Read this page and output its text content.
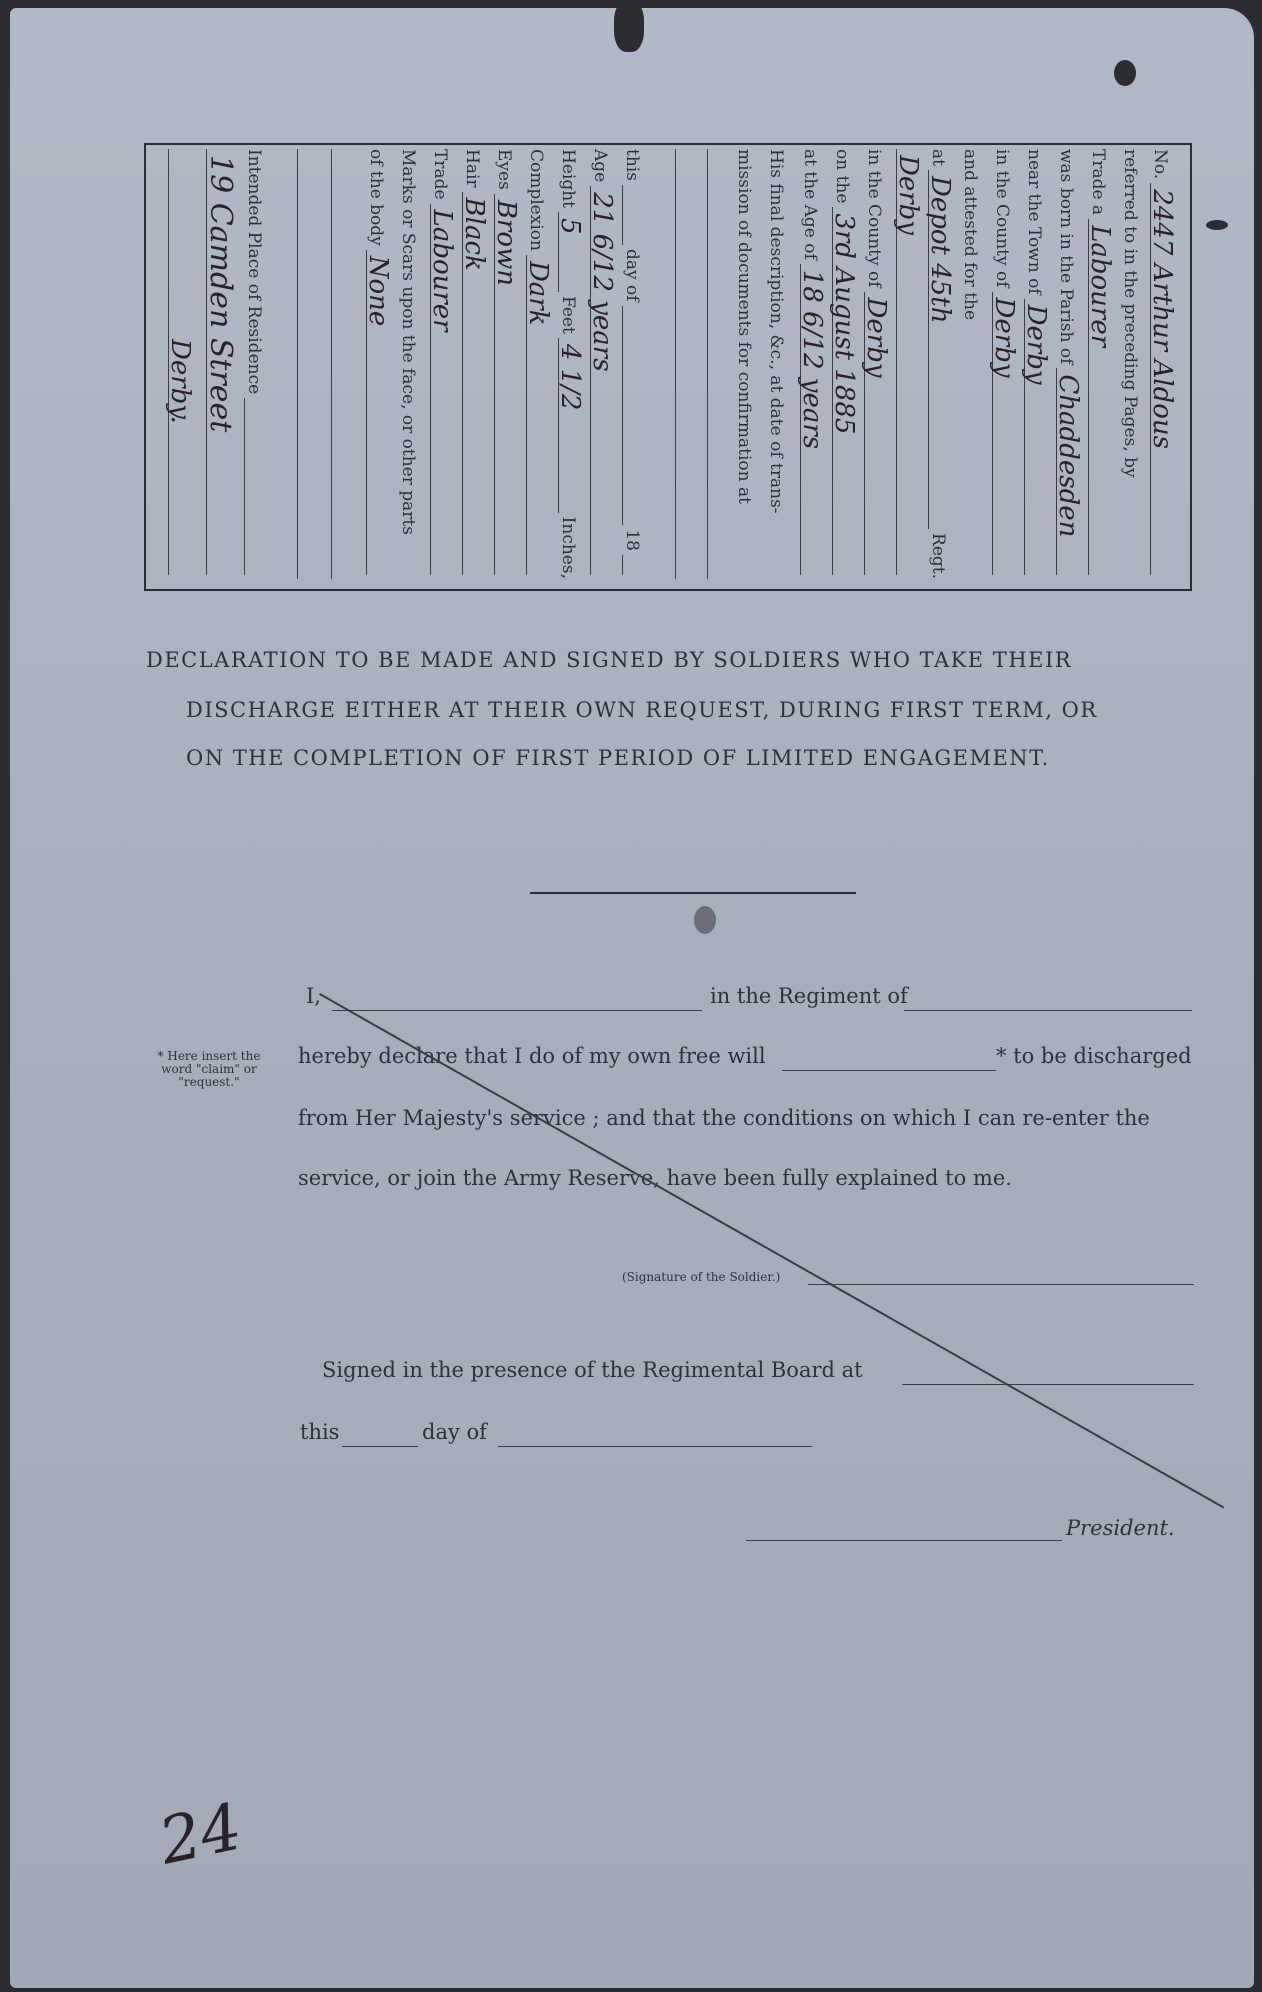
No.
2447 Arthur Aldous
referred to in the preceding Pages, by
Trade a
Labourer
was born in the Parish of
Chaddesden
near the Town of
Derby
in the County of
Derby
and attested for the
at
Depot 45th
Regt.
Derby
in the County of
Derby
on the
3rd August 1885
at the Age of
18 6/12 years
His final description, &c., at date of trans-
mission of documents for confirmation at
this
day of
18
Age
21 6/12 years
Height
5
Feet
4 1/2
Inches,
Complexion
Dark
Eyes
Brown
Hair
Black
Trade
Labourer
Marks or Scars upon the face, or other parts
of the body
None
Intended Place of Residence
19 Camden Street
Derby.
DECLARATION TO BE MADE AND SIGNED BY SOLDIERS WHO TAKE THEIR
DISCHARGE EITHER AT THEIR OWN REQUEST, DURING FIRST TERM, OR
ON THE COMPLETION OF FIRST PERIOD OF LIMITED ENGAGEMENT.
I,	in the Regiment of
* Here insert the word "claim" or "request."
hereby declare that I do of my own free will	* to be discharged
from Her Majesty's service ; and that the conditions on which I can re-enter the
service, or join the Army Reserve, have been fully explained to me.
(Signature of the Soldier.)
Signed in the presence of the Regimental Board at
this	day of
President.
24
